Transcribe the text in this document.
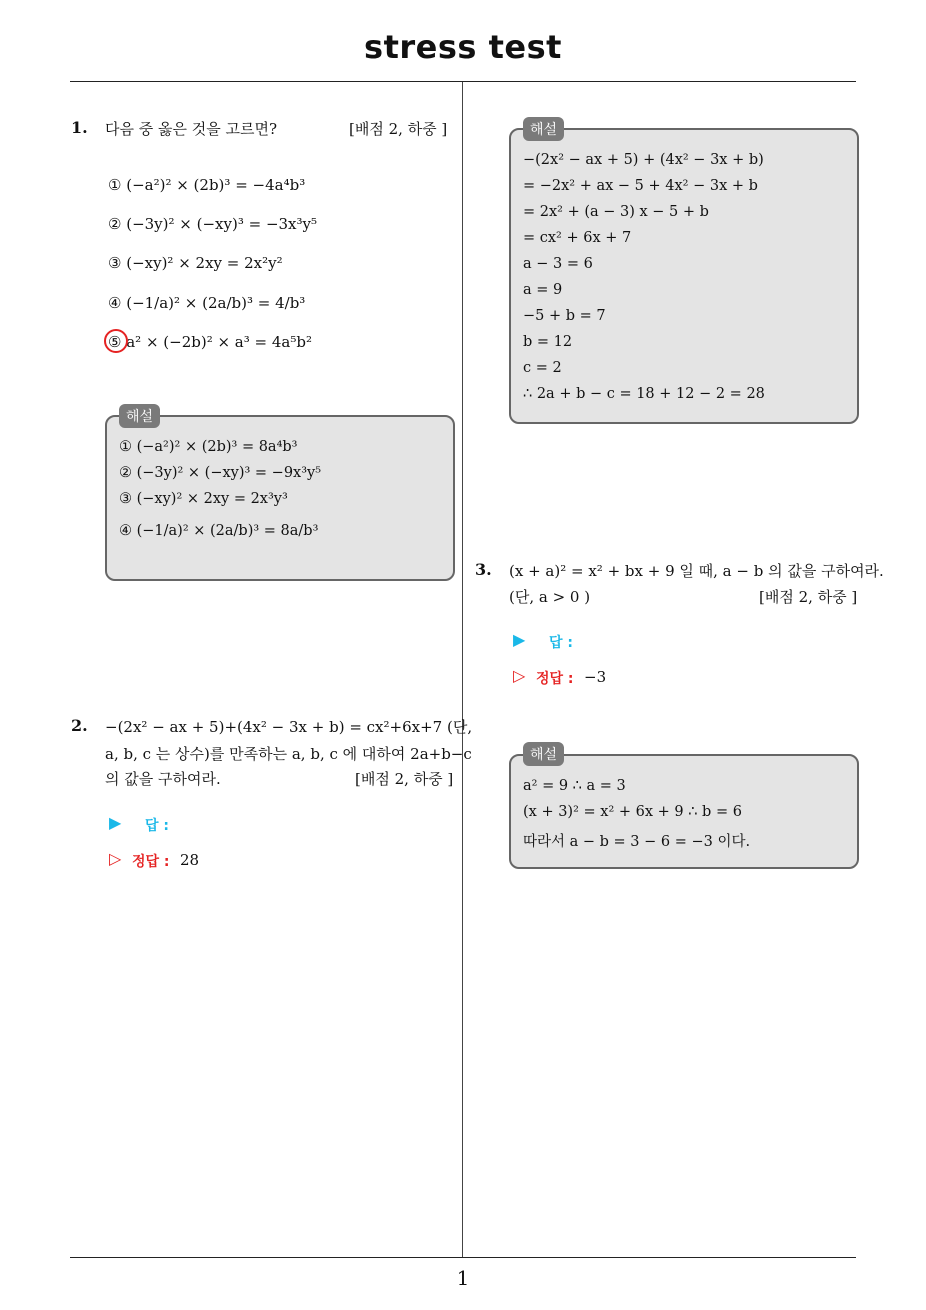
stress test
1. 다음 중 옳은 것을 고르면?	[배점 2, 하중 ]
① (−a²)² × (2b)³ = −4a⁴b³
② (−3y)² × (−xy)³ = −3x³y⁵
③ (−xy)² × 2xy = 2x²y²
④ (−1/a)² × (2a/b)³ = 4/b³
⑤ a² × (−2b)² × a³ = 4a⁵b²
① (−a²)² × (2b)³ = 8a⁴b³
② (−3y)² × (−xy)³ = −9x³y⁵
③ (−xy)² × 2xy = 2x³y³
④ (−1/a)² × (2a/b)³ = 8a/b³
해설
2. −(2x² − ax + 5)+(4x² − 3x + b) = cx²+6x+7 (단,
a, b, c 는 상수)를 만족하는 a, b, c 에 대하여 2a+b−c
의 값을 구하여라.	[배점 2, 하중 ]
▶ 답 :
▷ 정답 : 28
−(2x² − ax + 5) + (4x² − 3x + b)
= −2x² + ax − 5 + 4x² − 3x + b
= 2x² + (a − 3) x − 5 + b
= cx² + 6x + 7
a − 3 = 6
a = 9
−5 + b = 7
b = 12
c = 2
∴ 2a + b − c = 18 + 12 − 2 = 28
해설
3. (x + a)² = x² + bx + 9 일 때, a − b 의 값을 구하여라.
(단, a > 0 )	[배점 2, 하중 ]
▶ 답 :
▷ 정답 : −3
a² = 9 ∴ a = 3
(x + 3)² = x² + 6x + 9 ∴ b = 6
따라서 a − b = 3 − 6 = −3 이다.
해설
1
